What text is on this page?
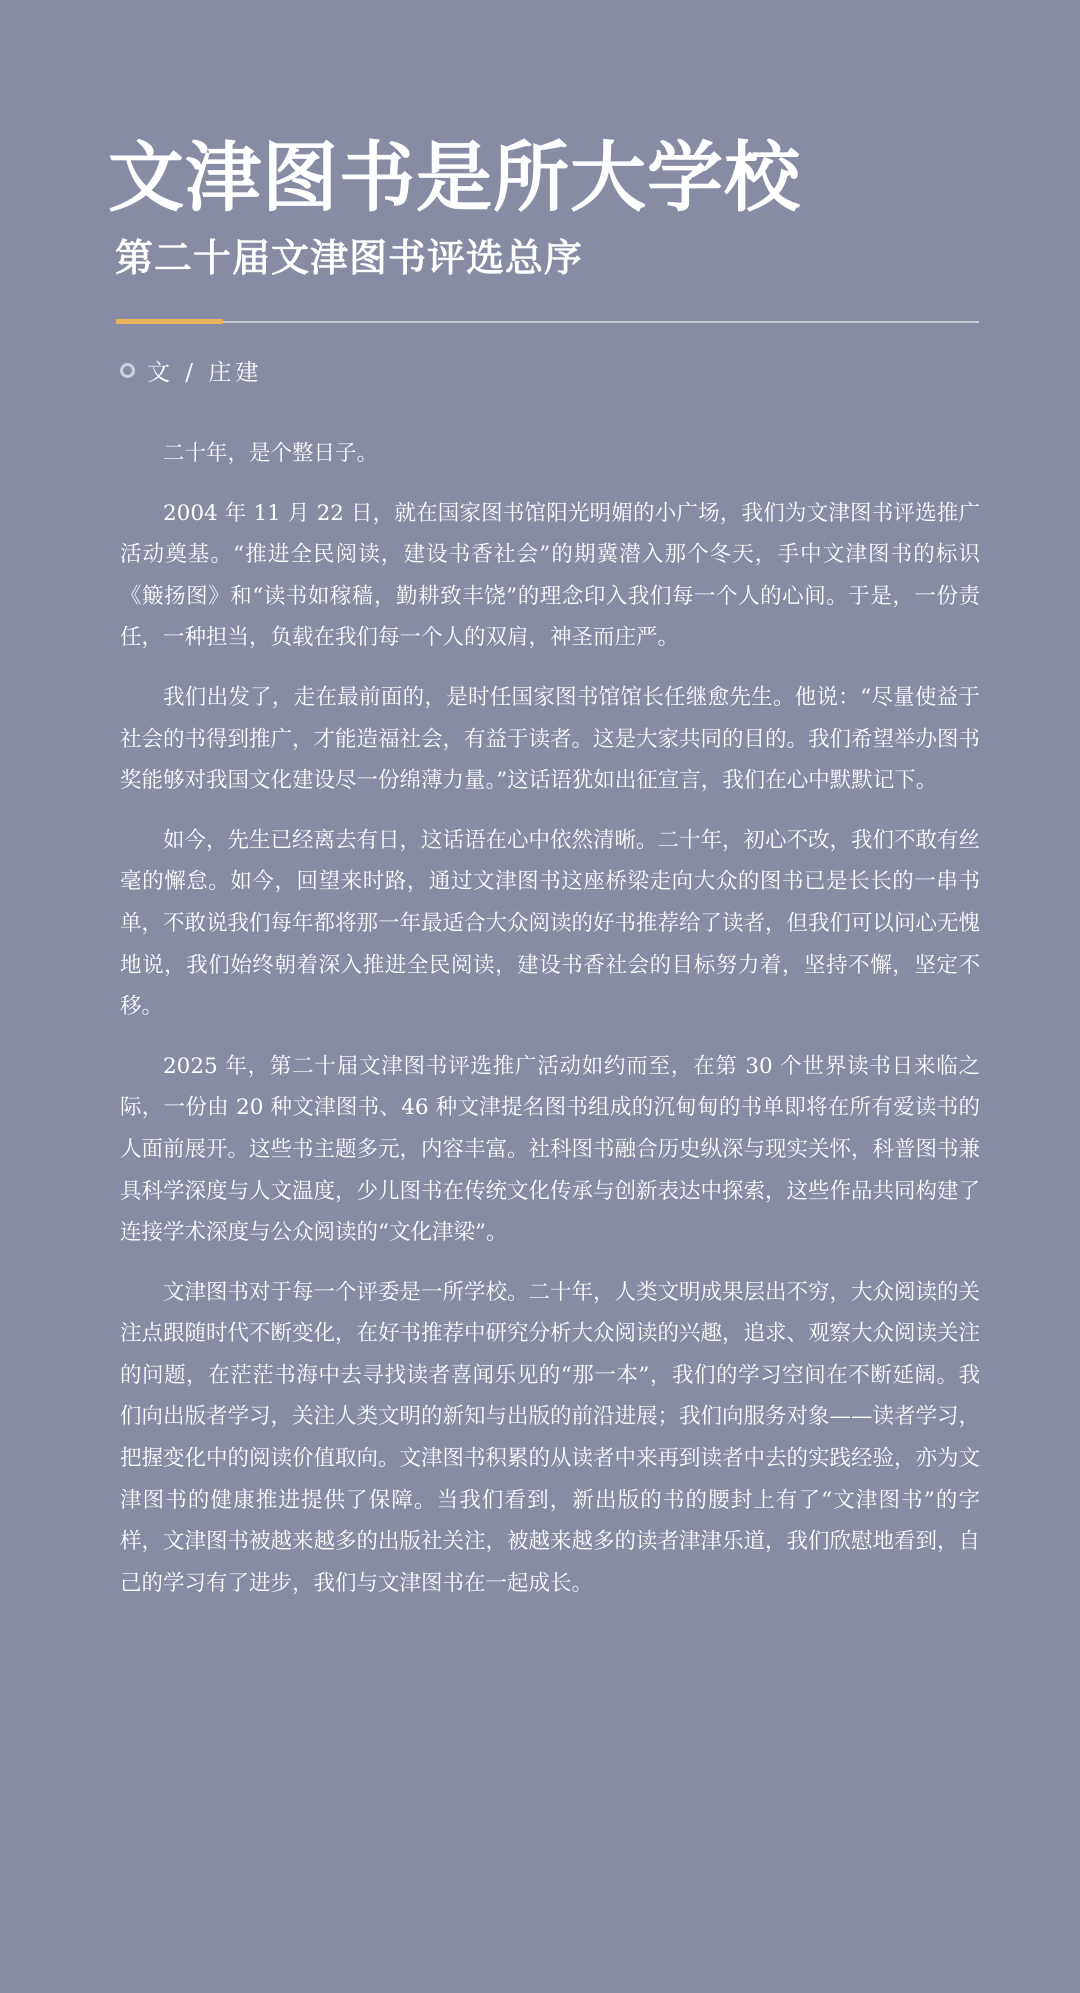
文津图书是所大学校
第二十届文津图书评选总序
文 / 庄建

二十年，是个整日子。

2004 年 11 月 22 日，就在国家图书馆阳光明媚的小广场，我们为文津图书评选推广活动奠基。“推进全民阅读，建设书香社会”的期冀潜入那个冬天，手中文津图书的标识《簸扬图》和“读书如稼穑，勤耕致丰饶”的理念印入我们每一个人的心间。于是，一份责任，一种担当，负载在我们每一个人的双肩，神圣而庄严。

我们出发了，走在最前面的，是时任国家图书馆馆长任继愈先生。他说：“尽量使益于社会的书得到推广，才能造福社会，有益于读者。这是大家共同的目的。我们希望举办图书奖能够对我国文化建设尽一份绵薄力量。”这话语犹如出征宣言，我们在心中默默记下。

如今，先生已经离去有日，这话语在心中依然清晰。二十年，初心不改，我们不敢有丝毫的懈怠。如今，回望来时路，通过文津图书这座桥梁走向大众的图书已是长长的一串书单，不敢说我们每年都将那一年最适合大众阅读的好书推荐给了读者，但我们可以问心无愧地说，我们始终朝着深入推进全民阅读，建设书香社会的目标努力着，坚持不懈，坚定不移。

2025 年，第二十届文津图书评选推广活动如约而至，在第 30 个世界读书日来临之际，一份由 20 种文津图书、46 种文津提名图书组成的沉甸甸的书单即将在所有爱读书的人面前展开。这些书主题多元，内容丰富。社科图书融合历史纵深与现实关怀，科普图书兼具科学深度与人文温度，少儿图书在传统文化传承与创新表达中探索，这些作品共同构建了连接学术深度与公众阅读的“文化津梁”。

文津图书对于每一个评委是一所学校。二十年，人类文明成果层出不穷，大众阅读的关注点跟随时代不断变化，在好书推荐中研究分析大众阅读的兴趣，追求、观察大众阅读关注的问题，在茫茫书海中去寻找读者喜闻乐见的“那一本”，我们的学习空间在不断延阔。我们向出版者学习，关注人类文明的新知与出版的前沿进展；我们向服务对象——读者学习，把握变化中的阅读价值取向。文津图书积累的从读者中来再到读者中去的实践经验，亦为文津图书的健康推进提供了保障。当我们看到，新出版的书的腰封上有了“文津图书”的字样，文津图书被越来越多的出版社关注，被越来越多的读者津津乐道，我们欣慰地看到，自己的学习有了进步，我们与文津图书在一起成长。
